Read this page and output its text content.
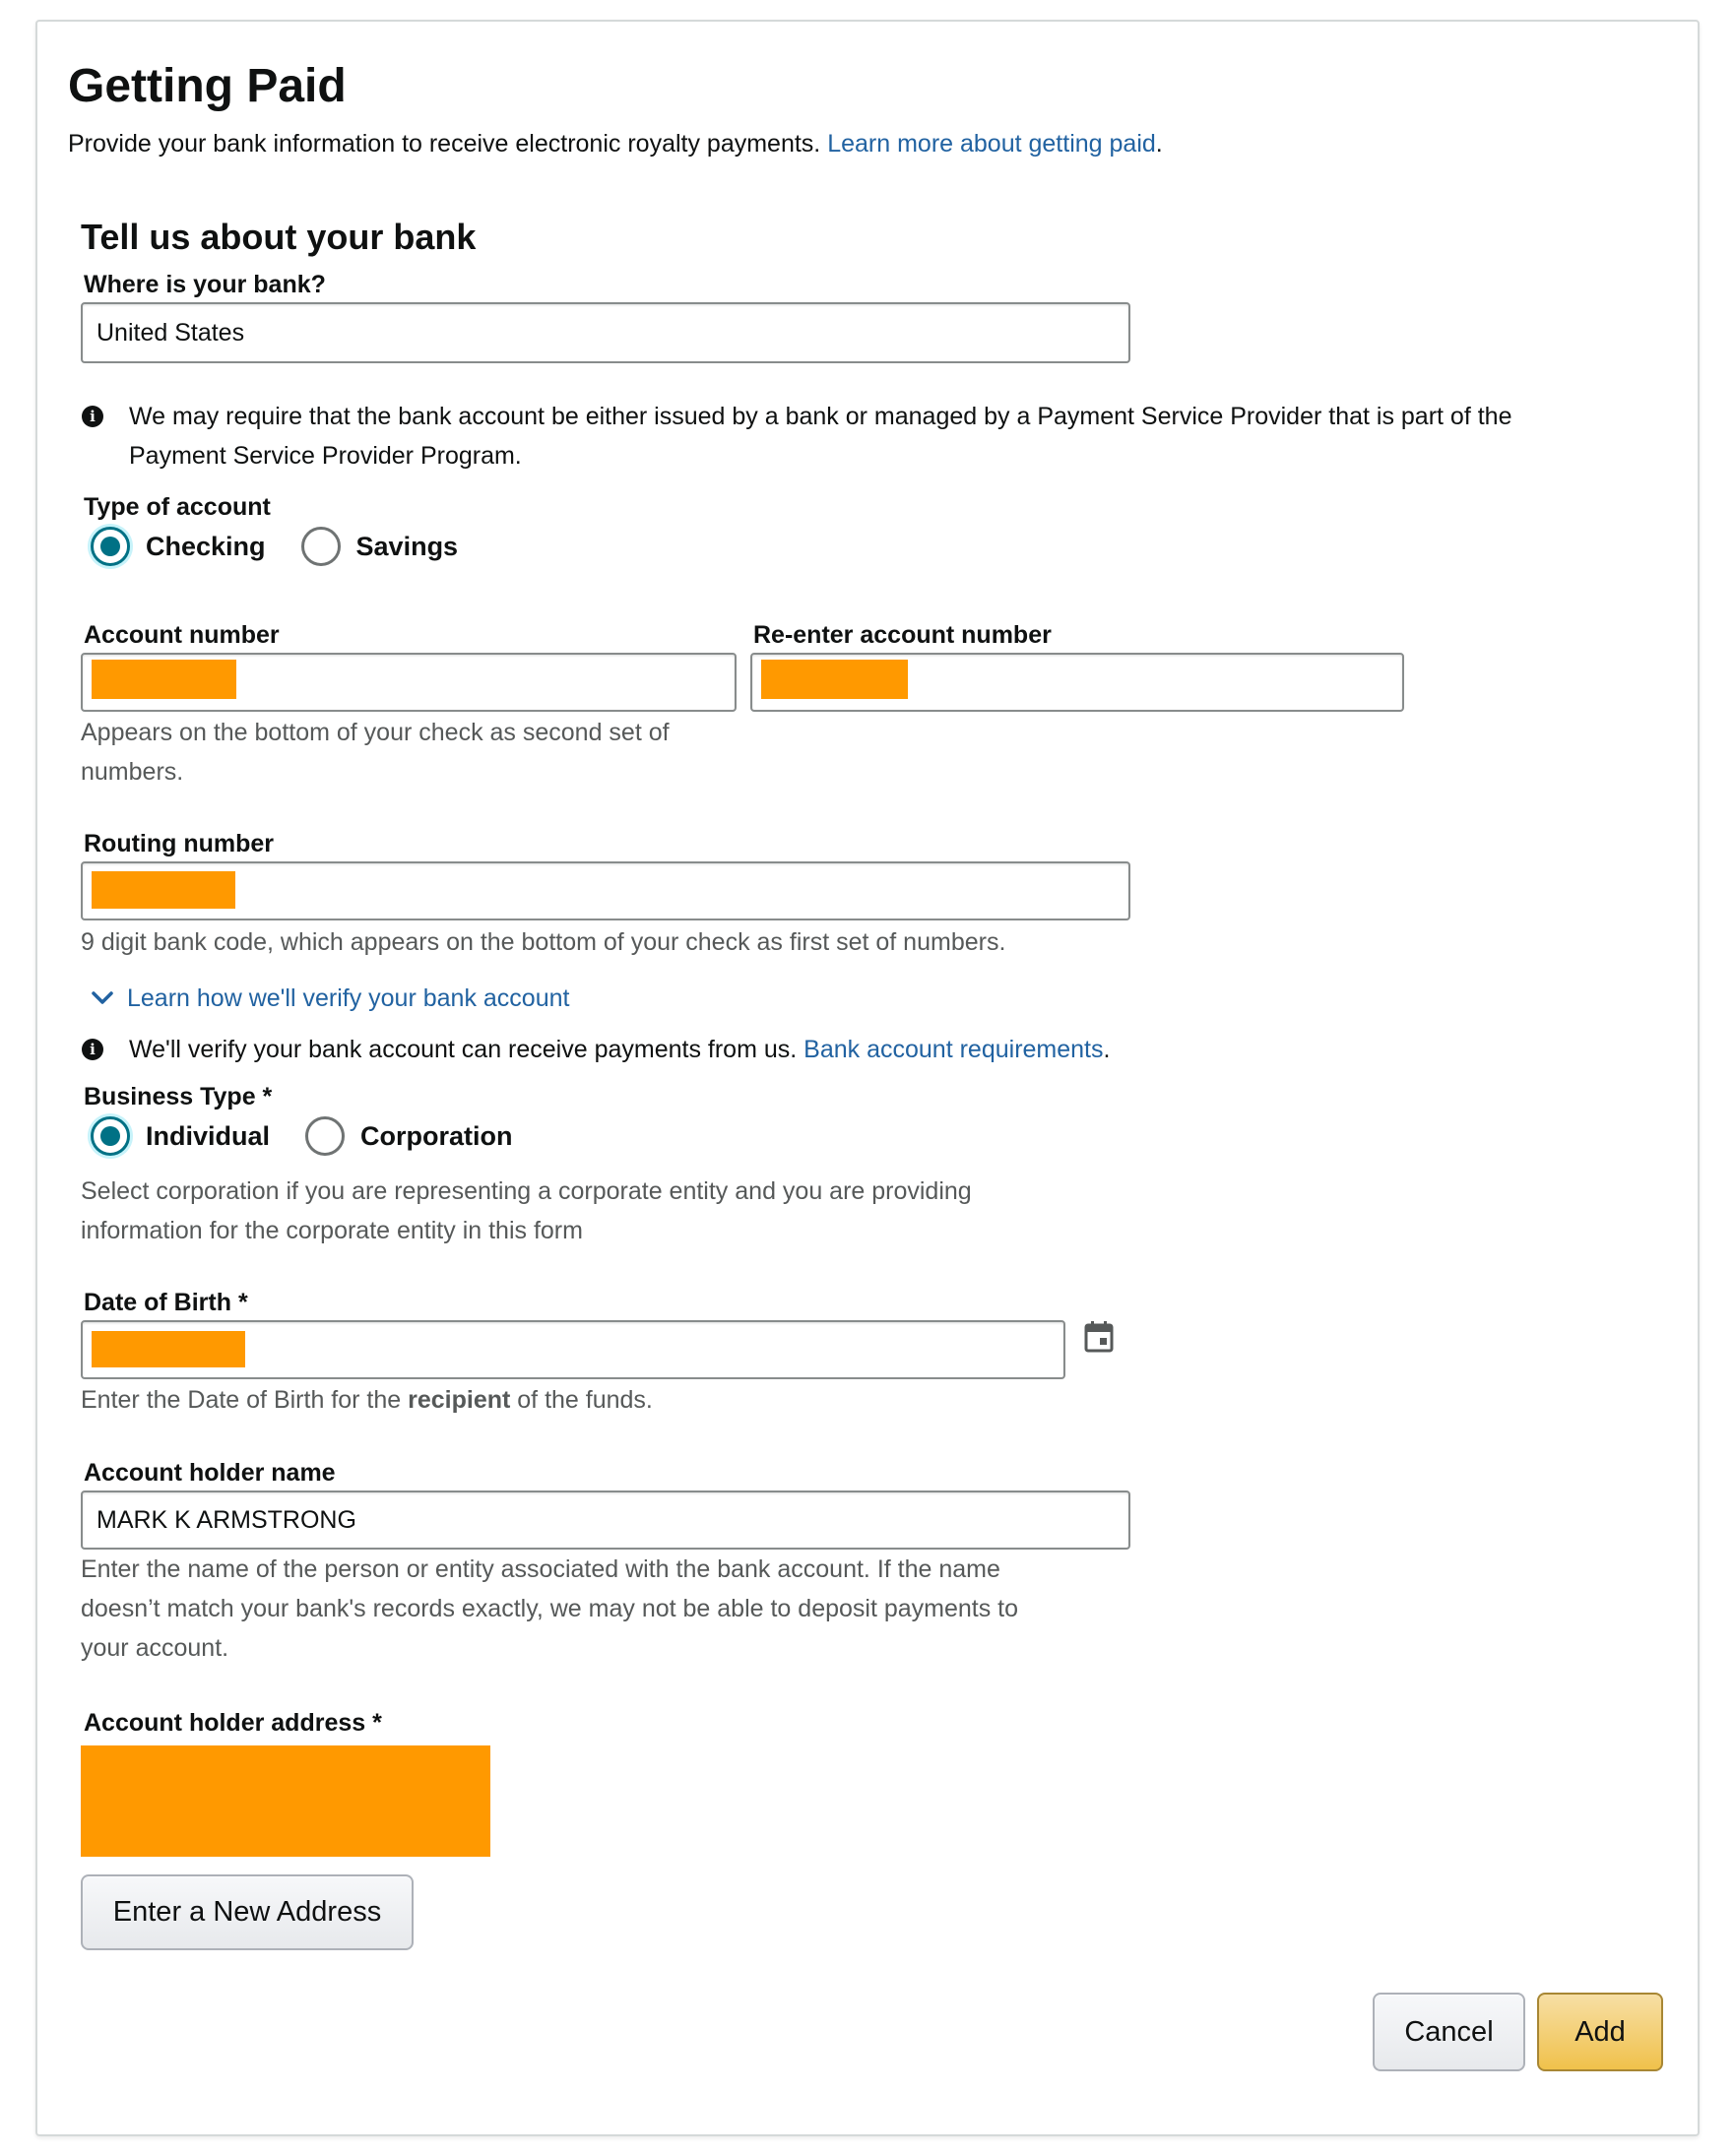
Getting Paid
Provide your bank information to receive electronic royalty payments. Learn more about getting paid.
Tell us about your bank
Where is your bank?
United States
i	We may require that the bank account be either issued by a bank or managed by a Payment Service Provider that is part of the
Payment Service Provider Program.
Type of account
Checking	Savings
Account number	Re-enter account number
Appears on the bottom of your check as second set of
numbers.
Routing number
9 digit bank code, which appears on the bottom of your check as first set of numbers.
Learn how we'll verify your bank account
i	We'll verify your bank account can receive payments from us. Bank account requirements.
Business Type *
Individual	Corporation
Select corporation if you are representing a corporate entity and you are providing
information for the corporate entity in this form
Date of Birth *
Enter the Date of Birth for the recipient of the funds.
Account holder name
MARK K ARMSTRONG
Enter the name of the person or entity associated with the bank account. If the name
doesn’t match your bank's records exactly, we may not be able to deposit payments to
your account.
Account holder address *
Enter a New Address
Cancel	Add
